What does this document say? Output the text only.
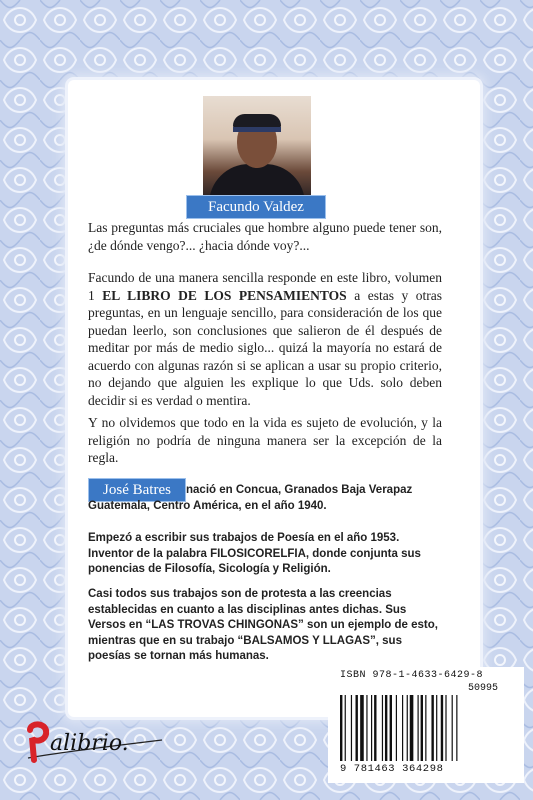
Facundo Valdez
Las preguntas más cruciales que hombre alguno puede tener son, ¿de dónde vengo?... ¿hacia dónde voy?...
Facundo de una manera sencilla responde en este libro, volumen 1 EL LIBRO DE LOS PENSAMIENTOS a estas y otras preguntas, en un lenguaje sencillo, para consideración de los que puedan leerlo, son conclusiones que salieron de él después de meditar por más de medio siglo... quizá la mayoría no estará de acuerdo con algunas razón si se aplican a usar su propio criterio, no dejando que alguien les explique lo que Uds. solo deben decidir si es verdad o mentira.
Y no olvidemos que todo en la vida es sujeto de evolución, y la religión no podría de ninguna manera ser la excepción de la regla.
José Batres	nació en Concua, Granados Baja Verapaz Guatemala, Centro América, en el año 1940.
Empezó a escribir sus trabajos de Poesía en el año 1953. Inventor de la palabra FILOSICORELFIA, donde conjunta sus ponencias de Filosofía, Sicología y Religión.
Casi todos sus trabajos son de protesta a las creencias establecidas en cuanto a las disciplinas antes dichas. Sus Versos en “LAS TROVAS CHINGONAS” son un ejemplo de esto, mientras que en su trabajo “BALSAMOS Y LLAGAS”, sus poesías se tornan más humanas.
alibrio.
ISBN 978-1-4633-6429-8
50995
9 781463 364298
